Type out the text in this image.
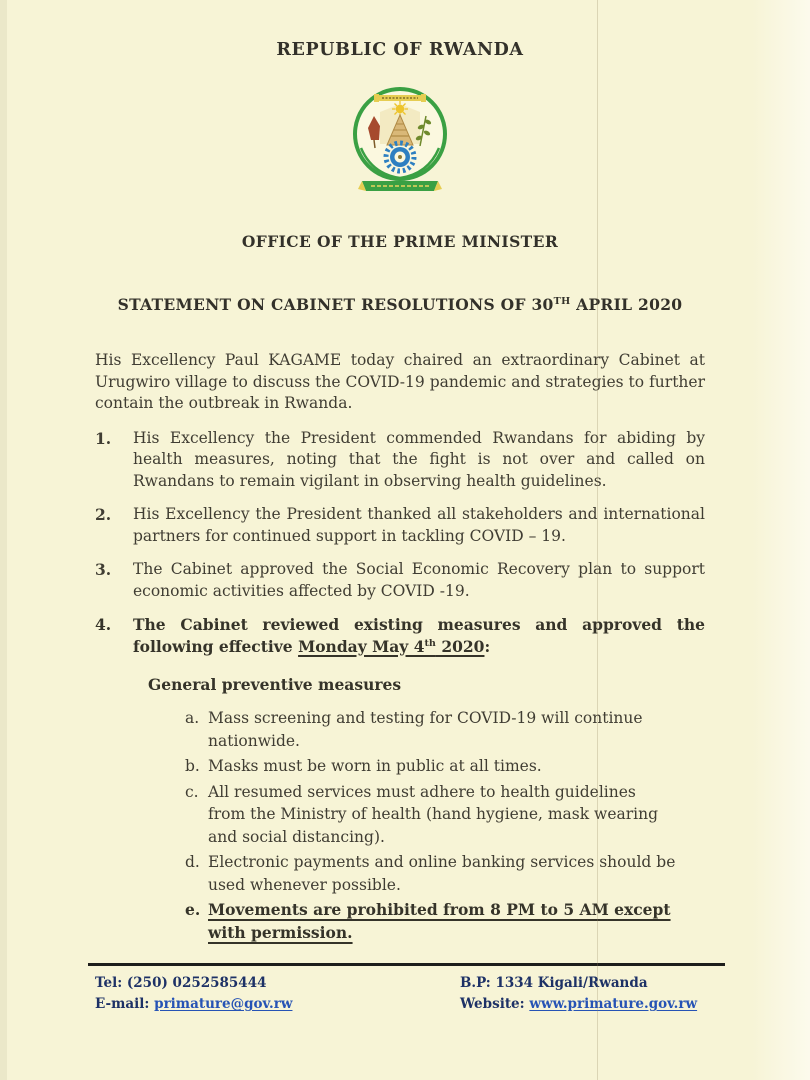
REPUBLIC OF RWANDA
OFFICE OF THE PRIME MINISTER
STATEMENT ON CABINET RESOLUTIONS OF 30TH APRIL 2020

His Excellency Paul KAGAME today chaired an extraordinary Cabinet at Urugwiro village to discuss the COVID-19 pandemic and strategies to further contain the outbreak in Rwanda.

1.	His Excellency the President commended Rwandans for abiding by health measures, noting that the fight is not over and called on Rwandans to remain vigilant in observing health guidelines.
2.	His Excellency the President thanked all stakeholders and international partners for continued support in tackling COVID – 19.
3.	The Cabinet approved the Social Economic Recovery plan to support economic activities affected by COVID -19.
4.	The Cabinet reviewed existing measures and approved the following effective Monday May 4th 2020:
General preventive measures
a. Mass screening and testing for COVID-19 will continue nationwide.
b. Masks must be worn in public at all times.
c. All resumed services must adhere to health guidelines from the Ministry of health (hand hygiene, mask wearing and social distancing).
d. Electronic payments and online banking services should be used whenever possible.
e. Movements are prohibited from 8 PM to 5 AM except with permission.
Tel: (250) 0252585444
E-mail: primature@gov.rw
B.P: 1334 Kigali/Rwanda
Website: www.primature.gov.rw
